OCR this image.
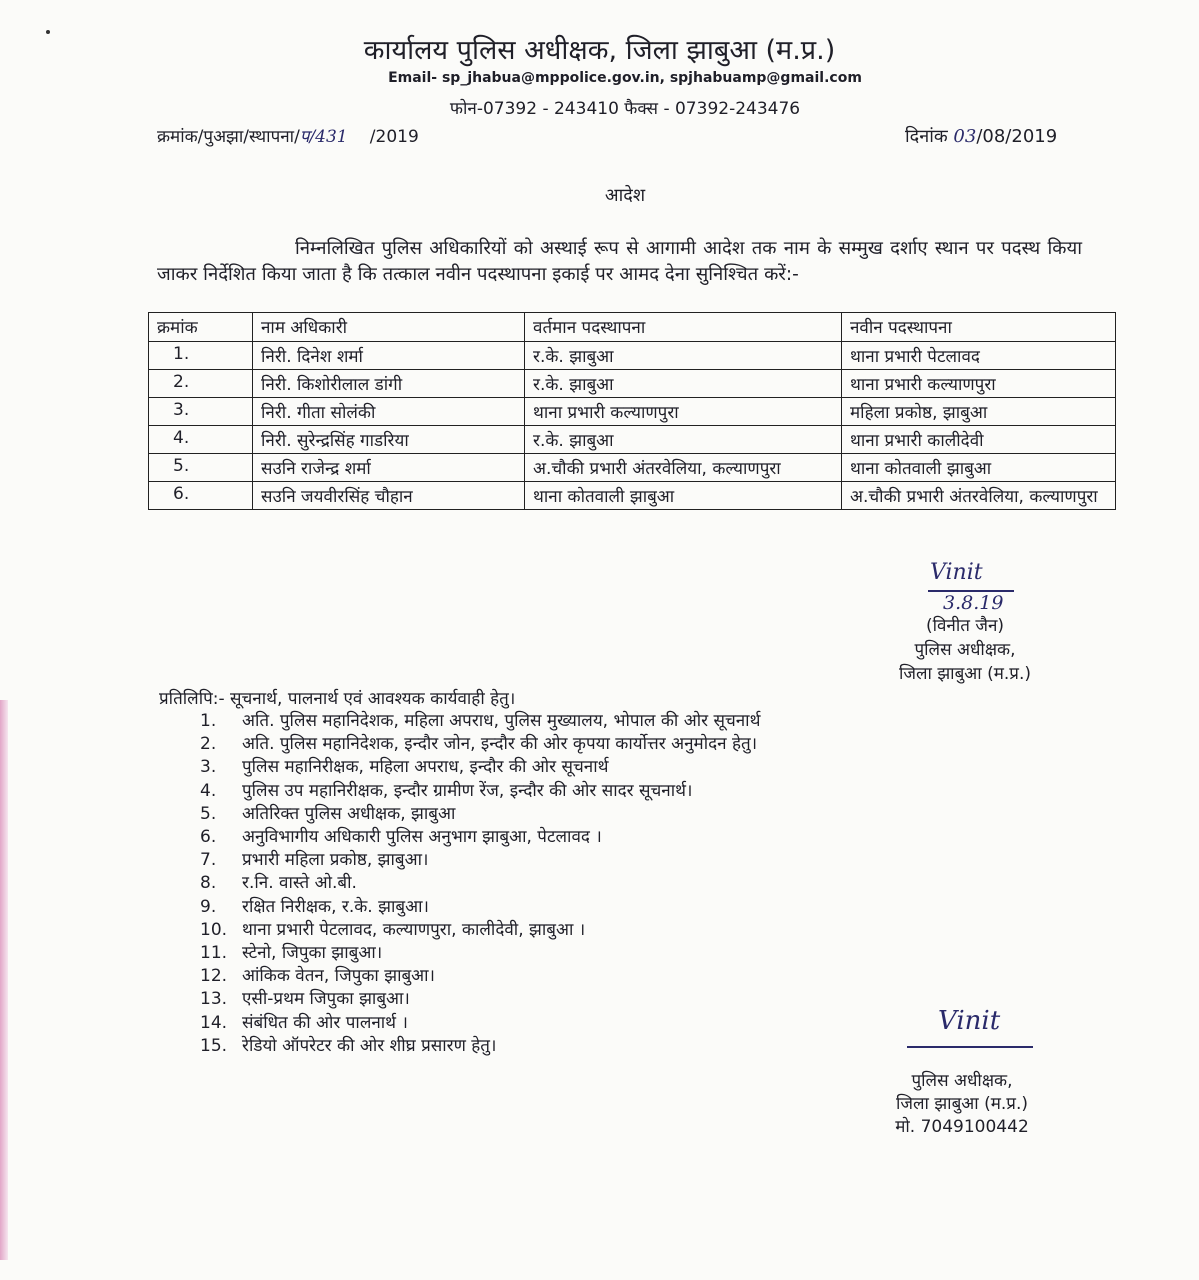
कार्यालय पुलिस अधीक्षक, जिला झाबुआ (म.प्र.)
Email- sp_jhabua@mppolice.gov.in, spjhabuamp@gmail.com
फोन-07392 - 243410 फैक्स - 07392-243476
क्रमांक/पुअझा/स्थापना/प/431 /2019	दिनांक 03/08/2019
आदेश
निम्नलिखित पुलिस अधिकारियों को अस्थाई रूप से आगामी आदेश तक नाम के सम्मुख दर्शाए स्थान पर पदस्थ किया जाकर निर्देशित किया जाता है कि तत्काल नवीन पदस्थापना इकाई पर आमद देना सुनिश्चित करें:-
क्रमांक	नाम अधिकारी	वर्तमान पदस्थापना	नवीन पदस्थापना
1.	निरी. दिनेश शर्मा	र.के. झाबुआ	थाना प्रभारी पेटलावद
2.	निरी. किशोरीलाल डांगी	र.के. झाबुआ	थाना प्रभारी कल्याणपुरा
3.	निरी. गीता सोलंकी	थाना प्रभारी कल्याणपुरा	महिला प्रकोष्ठ, झाबुआ
4.	निरी. सुरेन्द्रसिंह गाडरिया	र.के. झाबुआ	थाना प्रभारी कालीदेवी
5.	सउनि राजेन्द्र शर्मा	अ.चौकी प्रभारी अंतरवेलिया, कल्याणपुरा	थाना कोतवाली झाबुआ
6.	सउनि जयवीरसिंह चौहान	थाना कोतवाली झाबुआ	अ.चौकी प्रभारी अंतरवेलिया, कल्याणपुरा
Vinit
3.8.19
(विनीत जैन)
पुलिस अधीक्षक,
जिला झाबुआ (म.प्र.)
प्रतिलिपि:- सूचनार्थ, पालनार्थ एवं आवश्यक कार्यवाही हेतु।
1.	अति. पुलिस महानिदेशक, महिला अपराध, पुलिस मुख्यालय, भोपाल की ओर सूचनार्थ
2.	अति. पुलिस महानिदेशक, इन्दौर जोन, इन्दौर की ओर कृपया कार्योत्तर अनुमोदन हेतु।
3.	पुलिस महानिरीक्षक, महिला अपराध, इन्दौर की ओर सूचनार्थ
4.	पुलिस उप महानिरीक्षक, इन्दौर ग्रामीण रेंज, इन्दौर की ओर सादर सूचनार्थ।
5.	अतिरिक्त पुलिस अधीक्षक, झाबुआ
6.	अनुविभागीय अधिकारी पुलिस अनुभाग झाबुआ, पेटलावद ।
7.	प्रभारी महिला प्रकोष्ठ, झाबुआ।
8.	र.नि. वास्ते ओ.बी.
9.	रक्षित निरीक्षक, र.के. झाबुआ।
10. थाना प्रभारी पेटलावद, कल्याणपुरा, कालीदेवी, झाबुआ ।
11. स्टेनो, जिपुका झाबुआ।
12. आंकिक वेतन, जिपुका झाबुआ।
13. एसी-प्रथम जिपुका झाबुआ।
14. संबंधित की ओर पालनार्थ ।
15. रेडियो ऑपरेटर की ओर शीघ्र प्रसारण हेतु।
Vinit
पुलिस अधीक्षक,
जिला झाबुआ (म.प्र.)
मो. 7049100442
